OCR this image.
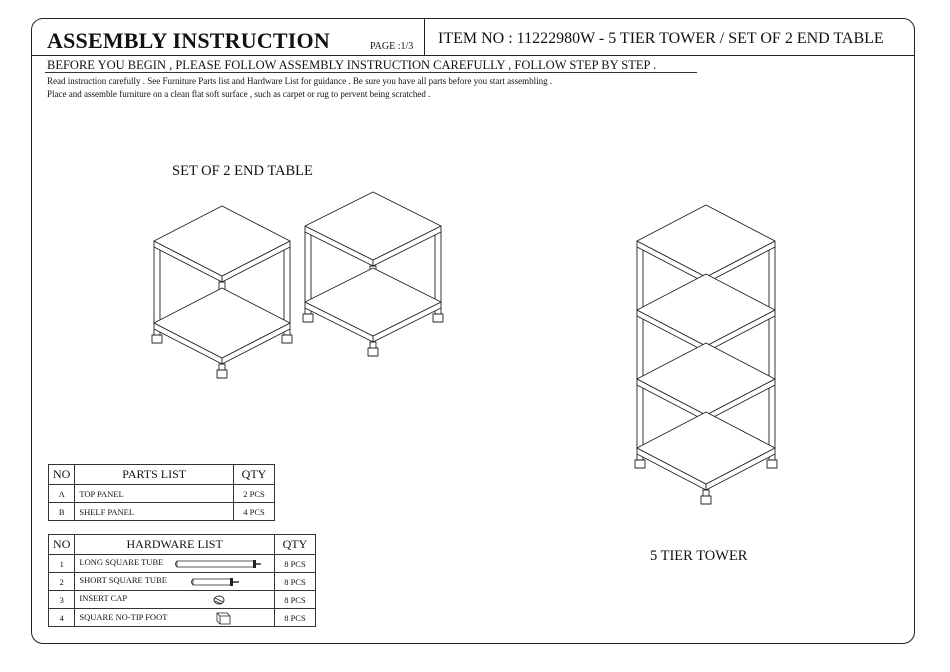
ASSEMBLY INSTRUCTION	PAGE :1/3 ITEM NO : 11222980W - 5 TIER TOWER / SET OF 2 END TABLE
BEFORE YOU BEGIN , PLEASE FOLLOW ASSEMBLY INSTRUCTION CAREFULLY , FOLLOW STEP BY STEP .
Read instruction carefully . See Furniture Parts list and Hardware List for guidance . Be sure you have all parts before you start assembling .
Place and assemble furniture on a clean flat soft surface , such as carpet or rug to pervent being scratched .
SET OF 2 END TABLE
5 TIER TOWER
NO	PARTS LIST	QTY
A	TOP PANEL	2 PCS
B	SHELF PANEL	4 PCS
NO	HARDWARE LIST	QTY
1	LONG SQUARE TUBE	8 PCS
2	SHORT SQUARE TUBE	8 PCS
3	INSERT CAP	8 PCS
4	SQUARE NO-TIP FOOT	8 PCS
